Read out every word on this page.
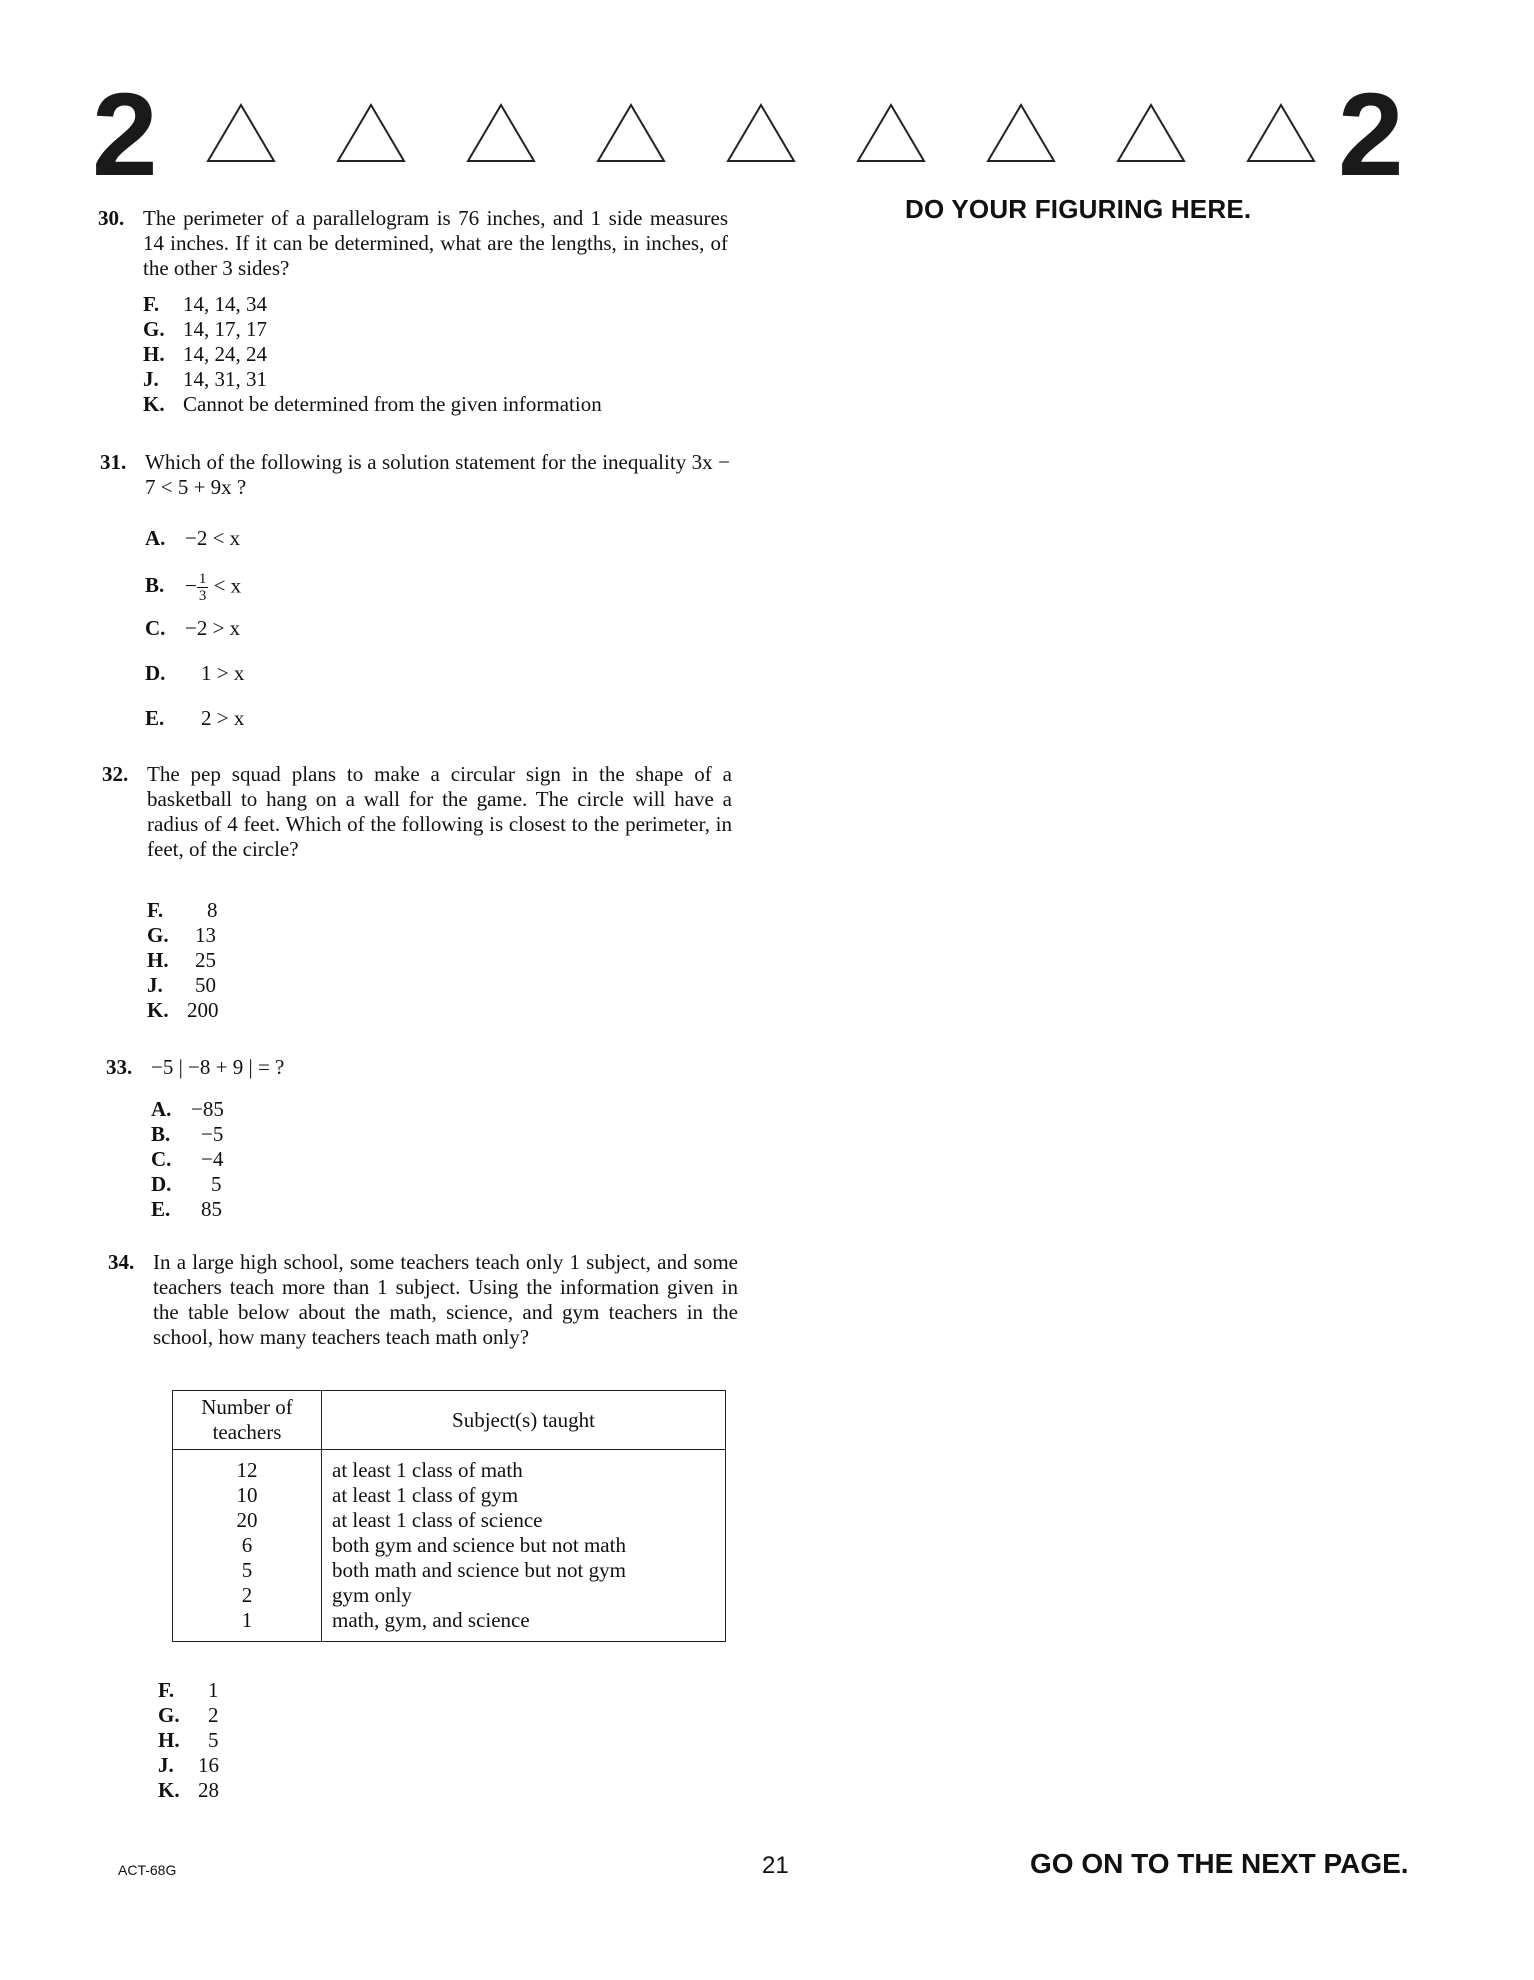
2	2
DO YOUR FIGURING HERE.
30. The perimeter of a parallelogram is 76 inches, and 1 side measures 14 inches. If it can be determined, what are the lengths, in inches, of the other 3 sides?
F. 14, 14, 34
G. 14, 17, 17
H. 14, 24, 24
J. 14, 31, 31
K. Cannot be determined from the given information
31. Which of the following is a solution statement for the inequality 3x − 7 < 5 + 9x ?
A. −2 < x
B. − $\frac{1}{3} < x$
C. −2 > x
D. 1 > x
E. 2 > x
32. The pep squad plans to make a circular sign in the shape of a basketball to hang on a wall for the game. The circle will have a radius of 4 feet. Which of the following is closest to the perimeter, in feet, of the circle?
F. 8
G. 13
H. 25
J. 50
K. 200
33. −5 | −8 + 9 | = ?
A. −85
B. −5
C. −4
D. 5
E. 85
34. In a large high school, some teachers teach only 1 subject, and some teachers teach more than 1 subject. Using the information given in the table below about the math, science, and gym teachers in the school, how many teachers teach math only?
Number of teachers	Subject(s) taught
12	at least 1 class of math
10	at least 1 class of gym
20	at least 1 class of science
6	both gym and science but not math
5	both math and science but not gym
2	gym only
1	math, gym, and science
F. 1
G. 2
H. 5
J. 16
K. 28
ACT-68G	21	GO ON TO THE NEXT PAGE.
